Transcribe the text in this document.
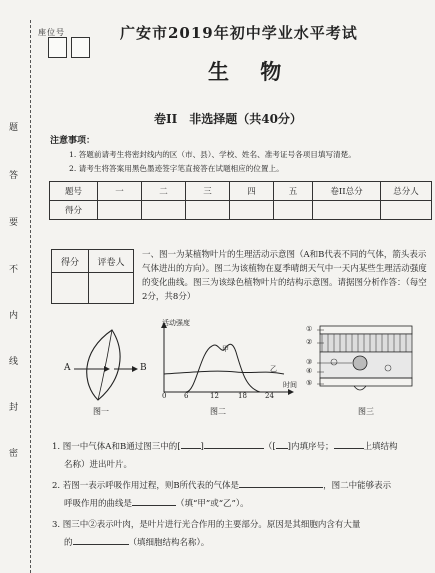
题
答
要
不
内
线
封
密
座位号	广安市2019年初中学业水平考试
生 物
卷II　非选择题（共40分）
注意事项：
1. 答题前请考生将密封线内的区（市、县）、学校、姓名、准考证号各项目填写清楚。
2. 请考生将答案用黑色墨迹签字笔直接答在试题相应的位置上。
题号	一	二	三	四	五	卷II总分	总分人
得分							
得分	评卷人

一、图一为某植物叶片的生理活动示意图（A和B代表不同的气体，箭头表示气体进出的方向）。图二为该植物在夏季晴朗天气中一天内某些生理活动强度的变化曲线。图三为该绿色植物叶片的结构示意图。请据图分析作答：（每空2分，共8分）
A	B
图一
活动强度
时间
甲
乙
0	6	12	18	24
图二
①
②
③
④
⑤
图三
1. 图一中气体A和B通过图三中的[ ]	（[ ]内填序号；	上填结构
名称）进出叶片。
2. 若图一表示呼吸作用过程，则B所代表的气体是	，图二中能够表示
呼吸作用的曲线是	（填“甲”或“乙”）。
3. 图三中②表示叶肉，是叶片进行光合作用的主要部分。原因是其细胞内含有大量
的	（填细胞结构名称）。
